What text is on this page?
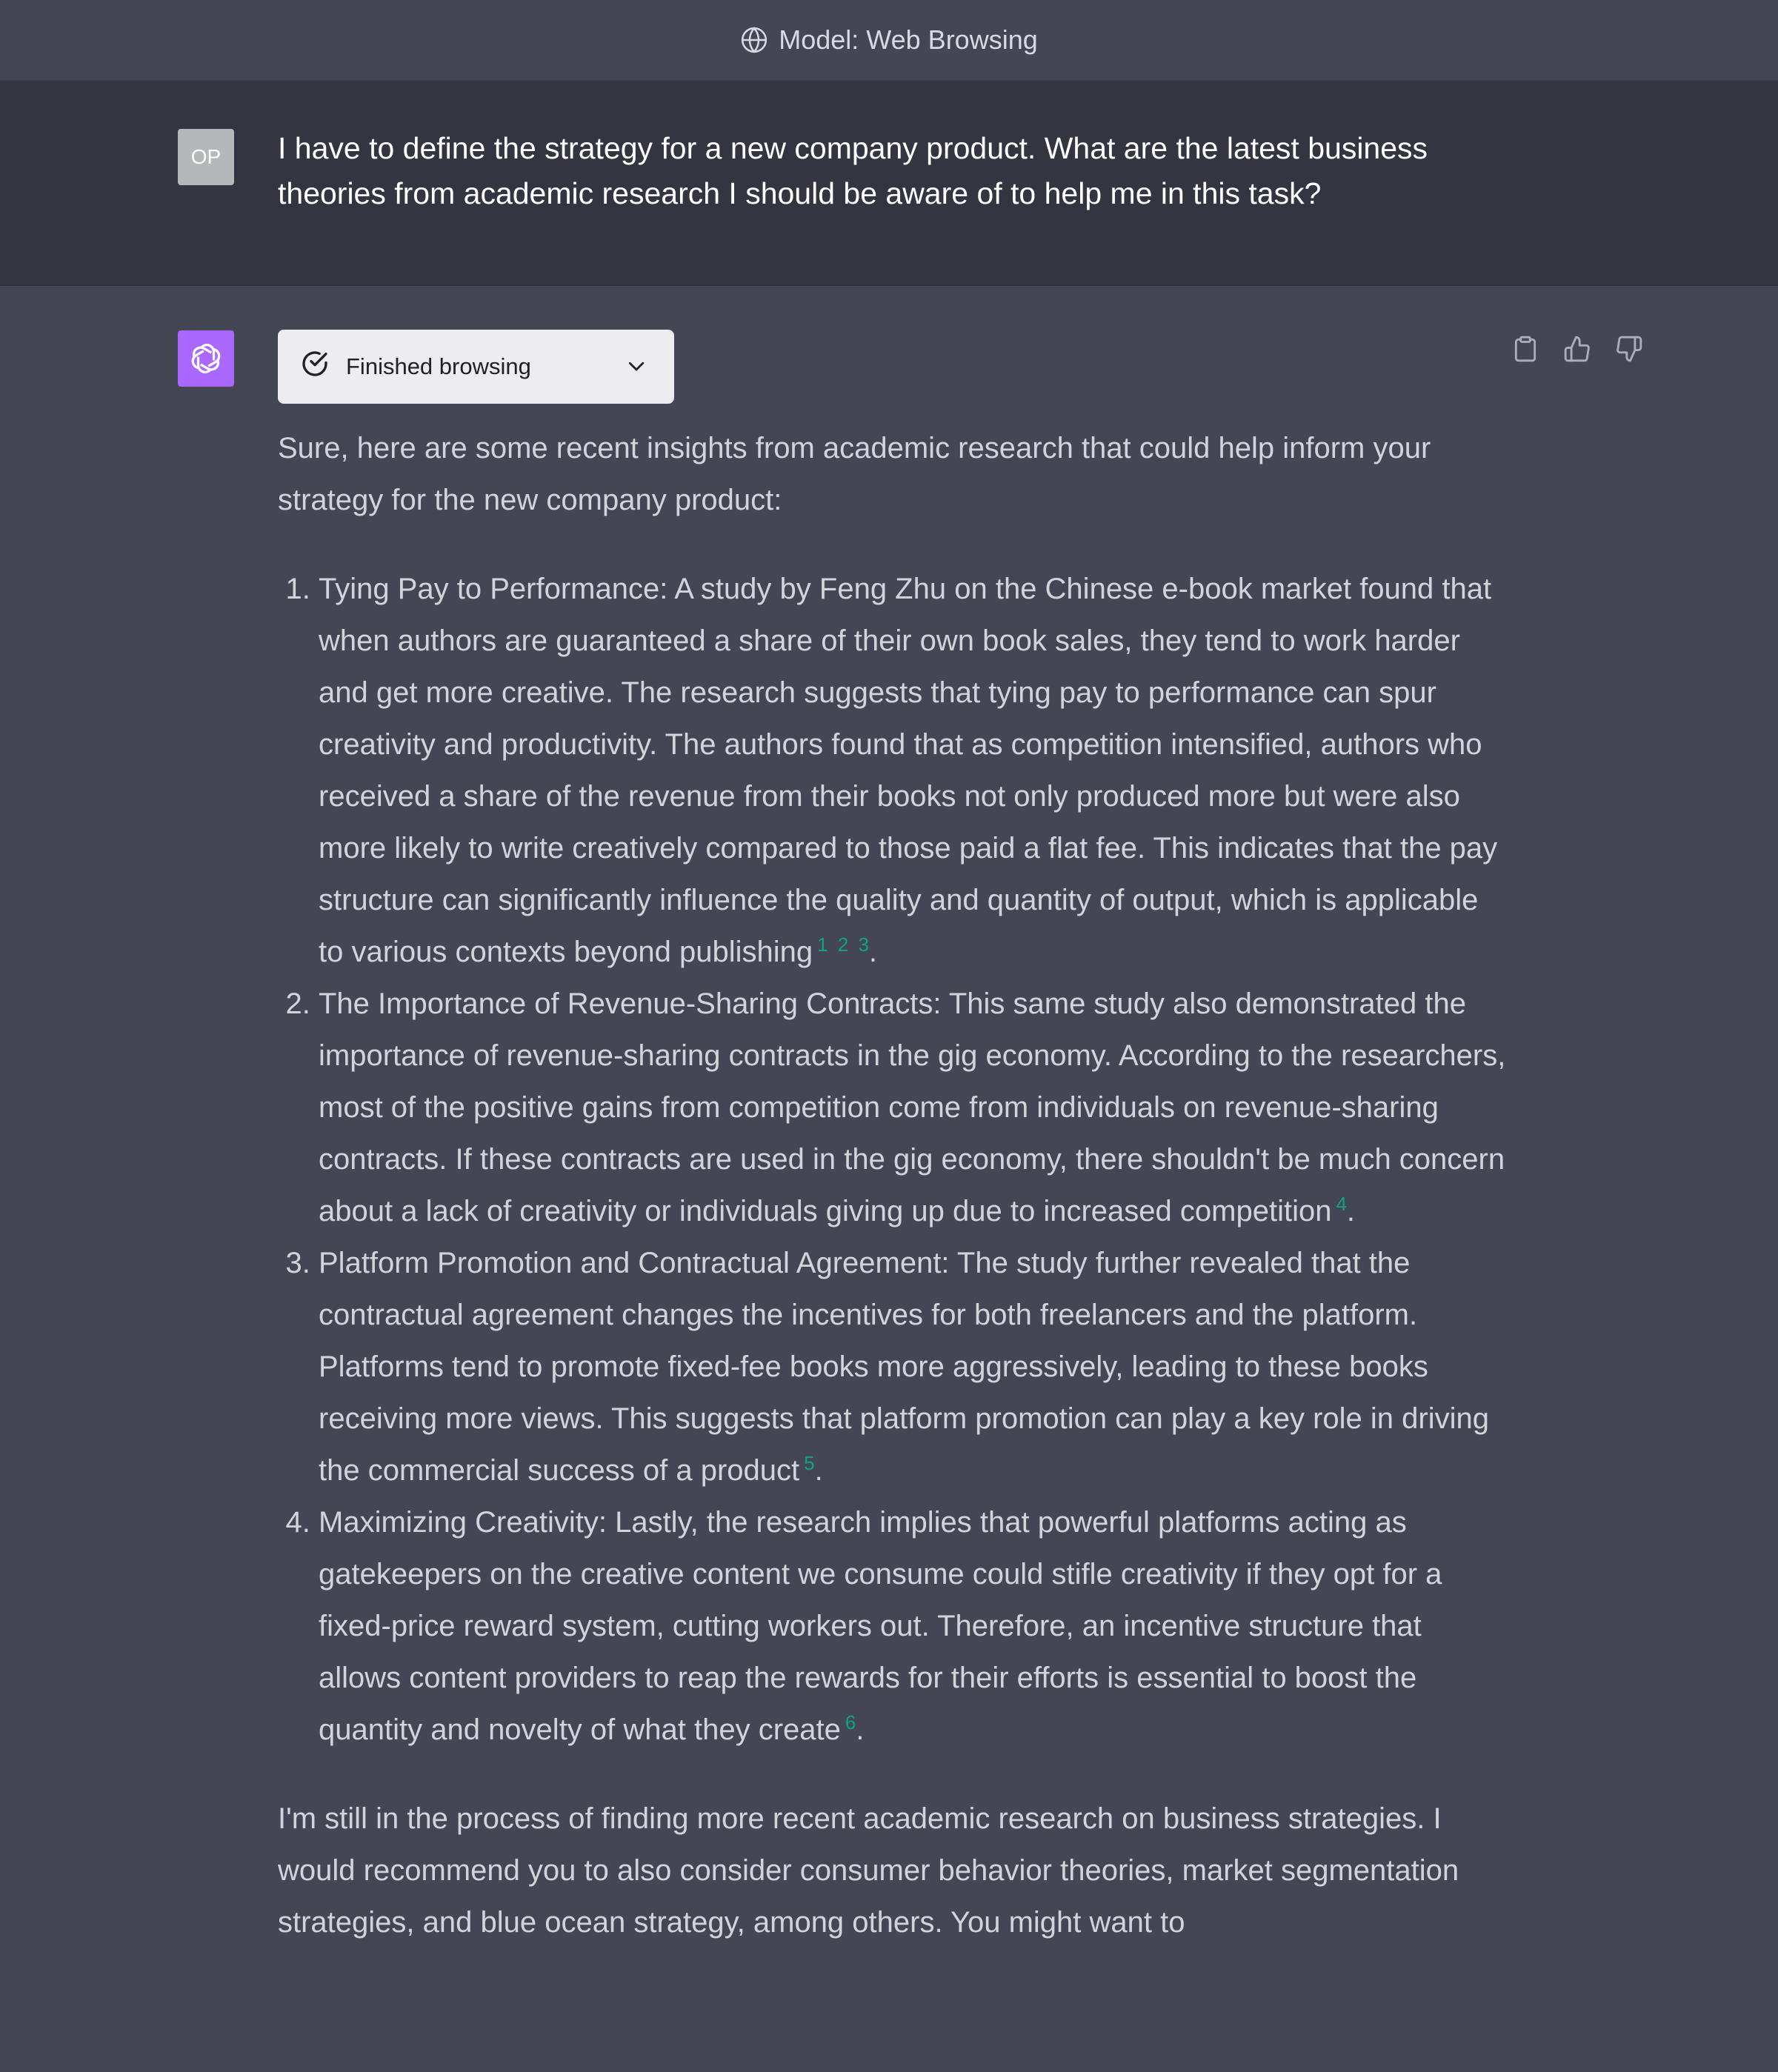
Model: Web Browsing
OP	I have to define the strategy for a new company product. What are the latest business theories from academic research I should be aware of to help me in this task?
Finished browsing

Sure, here are some recent insights from academic research that could help inform your strategy for the new company product:

1. Tying Pay to Performance: A study by Feng Zhu on the Chinese e-book market found that when authors are guaranteed a share of their own book sales, they tend to work harder and get more creative. The research suggests that tying pay to performance can spur creativity and productivity. The authors found that as competition intensified, authors who received a share of the revenue from their books not only produced more but were also more likely to write creatively compared to those paid a flat fee. This indicates that the pay structure can significantly influence the quality and quantity of output, which is applicable to various contexts beyond publishing $^{1 2 3}$.
2. The Importance of Revenue-Sharing Contracts: This same study also demonstrated the importance of revenue-sharing contracts in the gig economy. According to the researchers, most of the positive gains from competition come from individuals on revenue-sharing contracts. If these contracts are used in the gig economy, there shouldn't be much concern about a lack of creativity or individuals giving up due to increased competition $^4$.
3. Platform Promotion and Contractual Agreement: The study further revealed that the contractual agreement changes the incentives for both freelancers and the platform. Platforms tend to promote fixed-fee books more aggressively, leading to these books receiving more views. This suggests that platform promotion can play a key role in driving the commercial success of a product $^5$.
4. Maximizing Creativity: Lastly, the research implies that powerful platforms acting as gatekeepers on the creative content we consume could stifle creativity if they opt for a fixed-price reward system, cutting workers out. Therefore, an incentive structure that allows content providers to reap the rewards for their efforts is essential to boost the quantity and novelty of what they create $^6$.

I'm still in the process of finding more recent academic research on business strategies. I would recommend you to also consider consumer behavior theories, market segmentation strategies, and blue ocean strategy, among others. You might want to
